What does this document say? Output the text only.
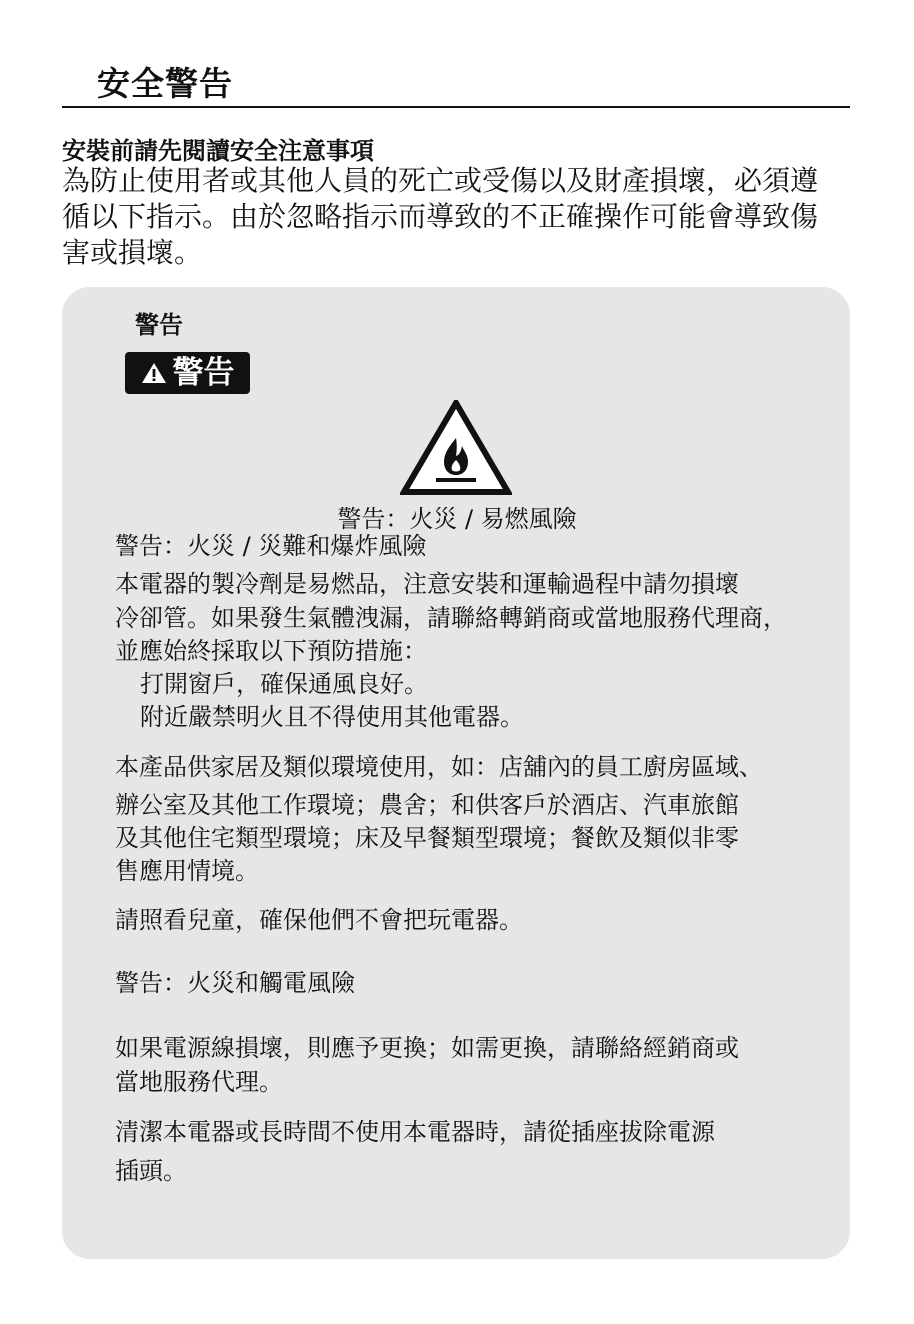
安全警告
安裝前請先閱讀安全注意事項

為防止使用者或其他人員的死亡或受傷以及財產損壞，必須遵

循以下指示。由於忽略指示而導致的不正確操作可能會導致傷

害或損壞。

警告
警告

警告：火災 / 易燃風險

警告：火災 / 災難和爆炸風險

本電器的製冷劑是易燃品，注意安裝和運輸過程中請勿損壞

冷卻管。如果發生氣體洩漏，請聯絡轉銷商或當地服務代理商，

並應始終採取以下預防措施：

打開窗戶，確保通風良好。

附近嚴禁明火且不得使用其他電器。

本產品供家居及類似環境使用，如：店舖內的員工廚房區域、

辦公室及其他工作環境；農舍；和供客戶於酒店、汽車旅館

及其他住宅類型環境；床及早餐類型環境；餐飲及類似非零

售應用情境。

請照看兒童，確保他們不會把玩電器。

警告：火災和觸電風險

如果電源線損壞，則應予更換；如需更換，請聯絡經銷商或

當地服務代理。

清潔本電器或長時間不使用本電器時，請從插座拔除電源

插頭。
